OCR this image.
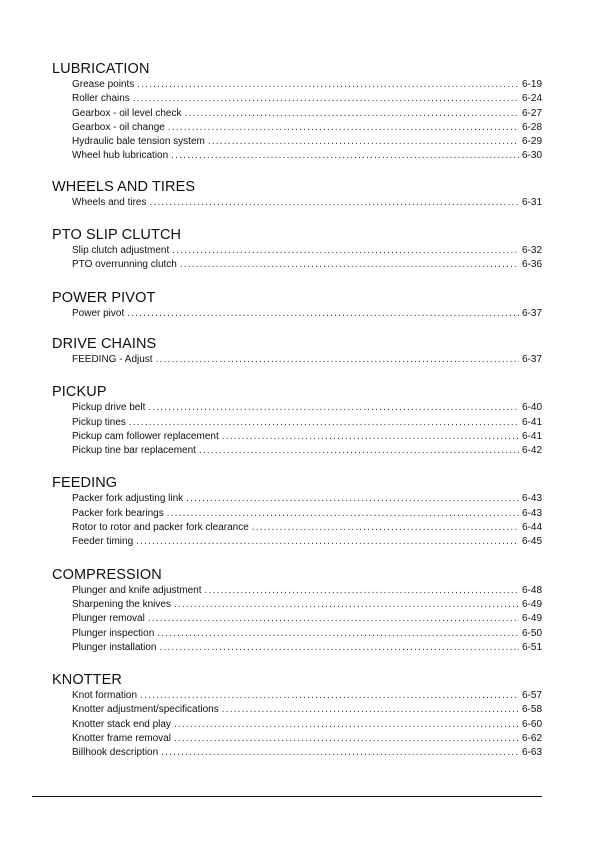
LUBRICATION
Grease points .....	6-19
Roller chains .....	6-24
Gearbox - oil level check .....	6-27
Gearbox - oil change .....	6-28
Hydraulic bale tension system .....	6-29
Wheel hub lubrication .....	6-30
WHEELS AND TIRES
Wheels and tires .....	6-31
PTO SLIP CLUTCH
Slip clutch adjustment .....	6-32
PTO overrunning clutch .....	6-36
POWER PIVOT
Power pivot .....	6-37
DRIVE CHAINS
FEEDING - Adjust .....	6-37
PICKUP
Pickup drive belt .....	6-40
Pickup tines .....	6-41
Pickup cam follower replacement .....	6-41
Pickup tine bar replacement .....	6-42
FEEDING
Packer fork adjusting link .....	6-43
Packer fork bearings .....	6-43
Rotor to rotor and packer fork clearance .....	6-44
Feeder timing .....	6-45
COMPRESSION
Plunger and knife adjustment .....	6-48
Sharpening the knives .....	6-49
Plunger removal .....	6-49
Plunger inspection .....	6-50
Plunger installation .....	6-51
KNOTTER
Knot formation .....	6-57
Knotter adjustment/specifications .....	6-58
Knotter stack end play .....	6-60
Knotter frame removal .....	6-62
Billhook description .....	6-63
